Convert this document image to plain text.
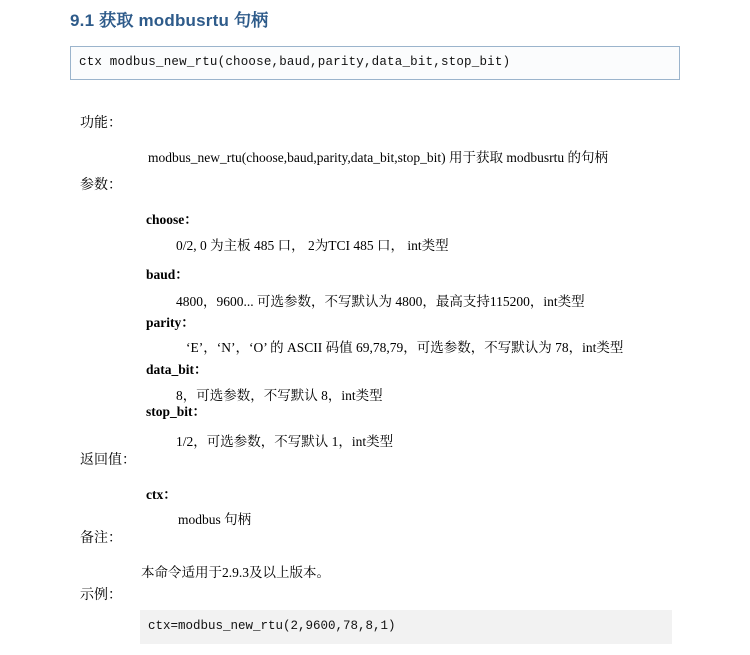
9.1 获取 modbusrtu 句柄
ctx modbus_new_rtu(choose,baud,parity,data_bit,stop_bit)
功能：
modbus_new_rtu(choose,baud,parity,data_bit,stop_bit) 用于获取 modbusrtu 的句柄
参数：
choose：
0/2, 0 为主板 485 口， 2为TCI 485 口， int类型
baud：
4800，9600... 可选参数，不写默认为 4800，最高支持115200，int类型
parity：
‘E’，‘N’，‘O’ 的 ASCII 码值 69,78,79，可选参数，不写默认为 78，int类型
data_bit：
8，可选参数，不写默认 8，int类型
stop_bit：
1/2，可选参数，不写默认 1，int类型
返回值：
ctx：
modbus 句柄
备注：
本命令适用于2.9.3及以上版本。
示例：
ctx=modbus_new_rtu(2,9600,78,8,1)
